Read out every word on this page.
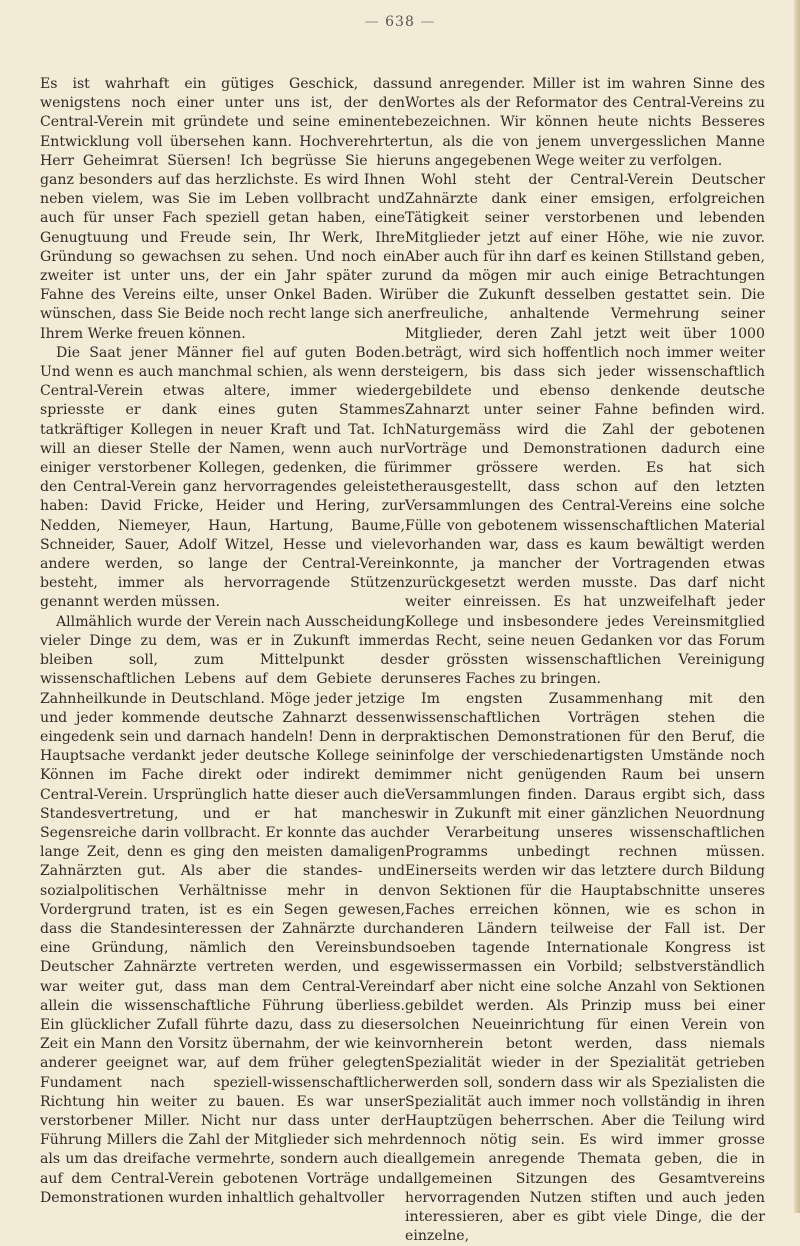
— 638 —

Es ist wahrhaft ein gütiges Geschick, dass wenigstens noch einer unter uns ist, der den Central-Verein mit gründete und seine eminente Entwicklung voll übersehen kann. Hochverehrter Herr Geheimrat Süersen! Ich begrüsse Sie hier ganz besonders auf das herzlichste. Es wird Ihnen neben vielem, was Sie im Leben vollbracht und auch für unser Fach speziell getan haben, eine Genugtuung und Freude sein, Ihr Werk, Ihre Gründung so gewachsen zu sehen. Und noch ein zweiter ist unter uns, der ein Jahr später zur Fahne des Vereins eilte, unser Onkel Baden. Wir wünschen, dass Sie Beide noch recht lange sich an Ihrem Werke freuen können.

Die Saat jener Männer fiel auf guten Boden. Und wenn es auch manchmal schien, als wenn der Central-Verein etwas altere, immer wieder spriesste er dank eines guten Stammes tatkräftiger Kollegen in neuer Kraft und Tat. Ich will an dieser Stelle der Namen, wenn auch nur einiger verstorbener Kollegen, gedenken, die für den Central-Verein ganz hervorragendes geleistet haben: David Fricke, Heider und Hering, zur Nedden, Niemeyer, Haun, Hartung, Baume, Schneider, Sauer, Adolf Witzel, Hesse und viele andere werden, so lange der Central-Verein besteht, immer als hervorragende Stützen genannt werden müssen.

Allmählich wurde der Verein nach Ausscheidung vieler Dinge zu dem, was er in Zukunft immer bleiben soll, zum Mittelpunkt des wissenschaftlichen Lebens auf dem Gebiete der Zahnheilkunde in Deutschland. Möge jeder jetzige und jeder kommende deutsche Zahnarzt dessen eingedenk sein und darnach handeln! Denn in der Hauptsache verdankt jeder deutsche Kollege sein Können im Fache direkt oder indirekt dem Central-Verein. Ursprünglich hatte dieser auch die Standesvertretung, und er hat manches Segensreiche darin vollbracht. Er konnte das auch lange Zeit, denn es ging den meisten damaligen Zahnärzten gut. Als aber die standes- und sozialpolitischen Verhältnisse mehr in den Vordergrund traten, ist es ein Segen gewesen, dass die Standesinteressen der Zahnärzte durch eine Gründung, nämlich den Vereinsbund Deutscher Zahnärzte vertreten werden, und es war weiter gut, dass man dem Central-Verein allein die wissenschaftliche Führung überliess. Ein glücklicher Zufall führte dazu, dass zu dieser Zeit ein Mann den Vorsitz übernahm, der wie kein anderer geeignet war, auf dem früher gelegten Fundament nach speziell-wissenschaftlicher Richtung hin weiter zu bauen. Es war unser verstorbener Miller. Nicht nur dass unter der Führung Millers die Zahl der Mitglieder sich mehr als um das dreifache vermehrte, sondern auch die auf dem Central-Verein gebotenen Vorträge und Demonstrationen wurden inhaltlich gehaltvoller

und anregender. Miller ist im wahren Sinne des Wortes als der Reformator des Central-Vereins zu bezeichnen. Wir können heute nichts Besseres tun, als die von jenem unvergesslichen Manne uns angegebenen Wege weiter zu verfolgen.

Wohl steht der Central-Verein Deutscher Zahnärzte dank einer emsigen, erfolgreichen Tätigkeit seiner verstorbenen und lebenden Mitglieder jetzt auf einer Höhe, wie nie zuvor. Aber auch für ihn darf es keinen Stillstand geben, und da mögen mir auch einige Betrachtungen über die Zukunft desselben gestattet sein. Die erfreuliche, anhaltende Vermehrung seiner Mitglieder, deren Zahl jetzt weit über 1000 beträgt, wird sich hoffentlich noch immer weiter steigern, bis dass sich jeder wissenschaftlich gebildete und ebenso denkende deutsche Zahnarzt unter seiner Fahne befinden wird. Naturgemäss wird die Zahl der gebotenen Vorträge und Demonstrationen dadurch eine immer grössere werden. Es hat sich herausgestellt, dass schon auf den letzten Versammlungen des Central-Vereins eine solche Fülle von gebotenem wissenschaftlichen Material vorhanden war, dass es kaum bewältigt werden konnte, ja mancher der Vortragenden etwas zurückgesetzt werden musste. Das darf nicht weiter einreissen. Es hat unzweifelhaft jeder Kollege und insbesondere jedes Vereinsmitglied das Recht, seine neuen Gedanken vor das Forum der grössten wissenschaftlichen Vereinigung unseres Faches zu bringen.

Im engsten Zusammenhang mit den wissenschaftlichen Vorträgen stehen die praktischen Demonstrationen für den Beruf, die infolge der verschiedenartigsten Umstände noch immer nicht genügenden Raum bei unsern Versammlungen finden. Daraus ergibt sich, dass wir in Zukunft mit einer gänzlichen Neuordnung der Verarbeitung unseres wissenschaftlichen Programms unbedingt rechnen müssen. Einerseits werden wir das letztere durch Bildung von Sektionen für die Hauptabschnitte unseres Faches erreichen können, wie es schon in anderen Ländern teilweise der Fall ist. Der soeben tagende Internationale Kongress ist gewissermassen ein Vorbild; selbstverständlich darf aber nicht eine solche Anzahl von Sektionen gebildet werden. Als Prinzip muss bei einer solchen Neueinrichtung für einen Verein von vornherein betont werden, dass niemals Spezialität wieder in der Spezialität getrieben werden soll, sondern dass wir als Spezialisten die Spezialität auch immer noch vollständig in ihren Hauptzügen beherrschen. Aber die Teilung wird dennoch nötig sein. Es wird immer grosse allgemein anregende Themata geben, die in allgemeinen Sitzungen des Gesamtvereins hervorragenden Nutzen stiften und auch jeden interessieren, aber es gibt viele Dinge, die der einzelne,
